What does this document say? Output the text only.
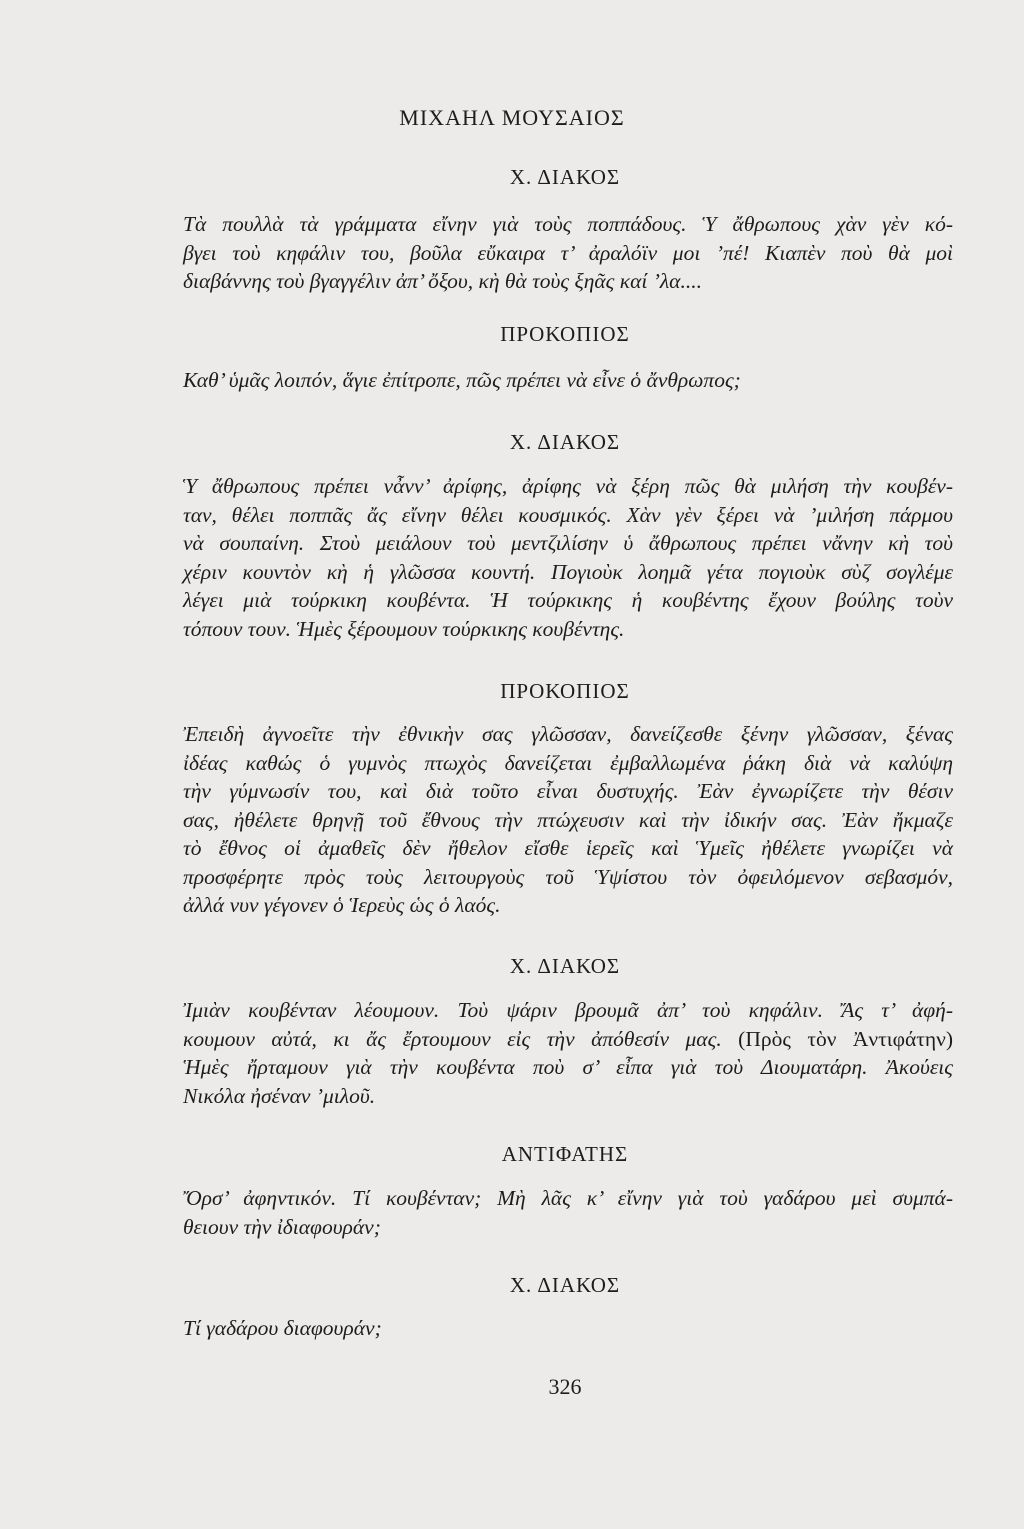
ΜΙΧΑΗΛ ΜΟΥΣΑΙΟΣ
Χ. ΔΙΑΚΟΣ
Τὰ πουλλὰ τὰ γράμματα εἴνην γιὰ τοὺς ποππάδους. Ὑ ἄθρωπους χὰν γὲν κό-
βγει τοὺ κηφάλιν του, βοῦλα εὔκαιρα τ’ ἀραλόϊν μοι ’πέ! Κιαπὲν ποὺ θὰ μοὶ
διαβάννης τοὺ βγαγγέλιν ἀπ’ ὄξου, κὴ θὰ τοὺς ξηᾶς καί ’λα....
ΠΡΟΚΟΠΙΟΣ
Καθ’ ὑμᾶς λοιπόν, ἅγιε ἐπίτροπε, πῶς πρέπει νὰ εἶνε ὁ ἄνθρωπος;
Χ. ΔΙΑΚΟΣ
Ὑ ἄθρωπους πρέπει νἆνν’ ἀρίφης, ἀρίφης νὰ ξέρη πῶς θὰ μιλήση τὴν κουβέν-
ταν, θέλει ποππᾶς ἄς εἴνην θέλει κουσμικός. Χὰν γὲν ξέρει νὰ ’μιλήση πάρμου
νὰ σουπαίνη. Στοὺ μειάλουν τοὺ μεντζιλίσην ὑ ἄθρωπους πρέπει νἄνην κὴ τοὺ
χέριν κουντὸν κὴ ἡ γλῶσσα κουντή. Πογιοὺκ λοημᾶ γέτα πογιοὺκ σὺζ σογλέμε
λέγει μιὰ τούρκικη κουβέντα. Ἡ τούρκικης ἡ κουβέντης ἔχουν βούλης τοὺν
τόπουν τουν. Ἡμὲς ξέρουμουν τούρκικης κουβέντης.
ΠΡΟΚΟΠΙΟΣ
Ἐπειδὴ ἀγνοεῖτε τὴν ἐθνικὴν σας γλῶσσαν, δανείζεσθε ξένην γλῶσσαν, ξένας
ἰδέας καθώς ὁ γυμνὸς πτωχὸς δανείζεται ἐμβαλλωμένα ῥάκη διὰ νὰ καλύψη
τὴν γύμνωσίν του, καὶ διὰ τοῦτο εἶναι δυστυχής. Ἐὰν ἐγνωρίζετε τὴν θέσιν
σας, ἠθέλετε θρηνῇ τοῦ ἔθνους τὴν πτώχευσιν καὶ τὴν ἰδικήν σας. Ἐὰν ἤκμαζε
τὸ ἔθνος οἱ ἀμαθεῖς δὲν ἤθελον εἴσθε ἱερεῖς καὶ Ὑμεῖς ἠθέλετε γνωρίζει νὰ
προσφέρητε πρὸς τοὺς λειτουργοὺς τοῦ Ὑψίστου τὸν ὀφειλόμενον σεβασμόν,
ἀλλά νυν γέγονεν ὁ Ἱερεὺς ὡς ὁ λαός.
Χ. ΔΙΑΚΟΣ
Ἰμιὰν κουβένταν λέουμουν. Τοὺ ψάριν βρουμᾶ ἀπ’ τοὺ κηφάλιν. Ἄς τ’ ἀφή-
κουμουν αὐτά, κι ἄς ἔρτουμουν εἰς τὴν ἀπόθεσίν μας. (Πρὸς τὸν Ἀντιφάτην)
Ἡμὲς ἤρταμουν γιὰ τὴν κουβέντα ποὺ σ’ εἶπα γιὰ τοὺ Διουματάρη. Ἀκούεις
Νικόλα ἠσέναν ’μιλοῦ.
ΑΝΤΙΦΑΤΗΣ
Ὄρσ’ ἀφηντικόν. Τί κουβένταν; Μὴ λᾶς κ’ εἴνην γιὰ τοὺ γαδάρου μεὶ συμπά-
θειουν τὴν ἰδιαφουράν;
Χ. ΔΙΑΚΟΣ
Τί γαδάρου διαφουράν;
326
